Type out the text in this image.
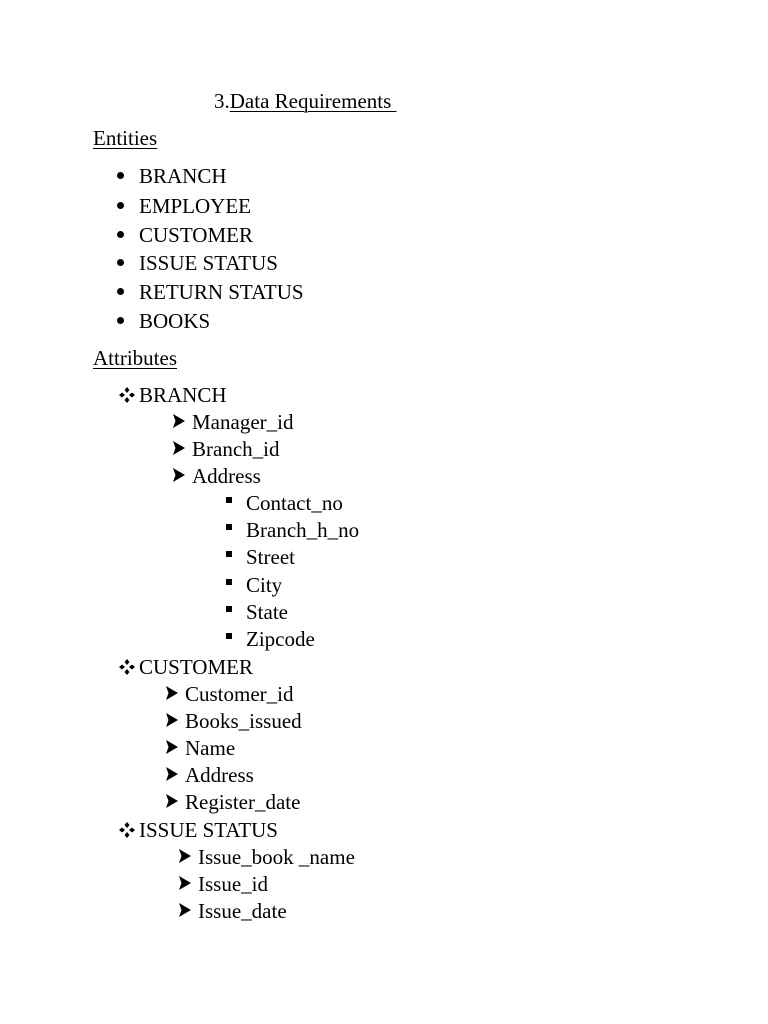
3.Data Requirements
Entities
BRANCH
EMPLOYEE
CUSTOMER
ISSUE STATUS
RETURN STATUS
BOOKS
Attributes
BRANCH
Manager_id
Branch_id
Address
Contact_no
Branch_h_no
Street
City
State
Zipcode
CUSTOMER
Customer_id
Books_issued
Name
Address
Register_date
ISSUE STATUS
Issue_book _name
Issue_id
Issue_date
